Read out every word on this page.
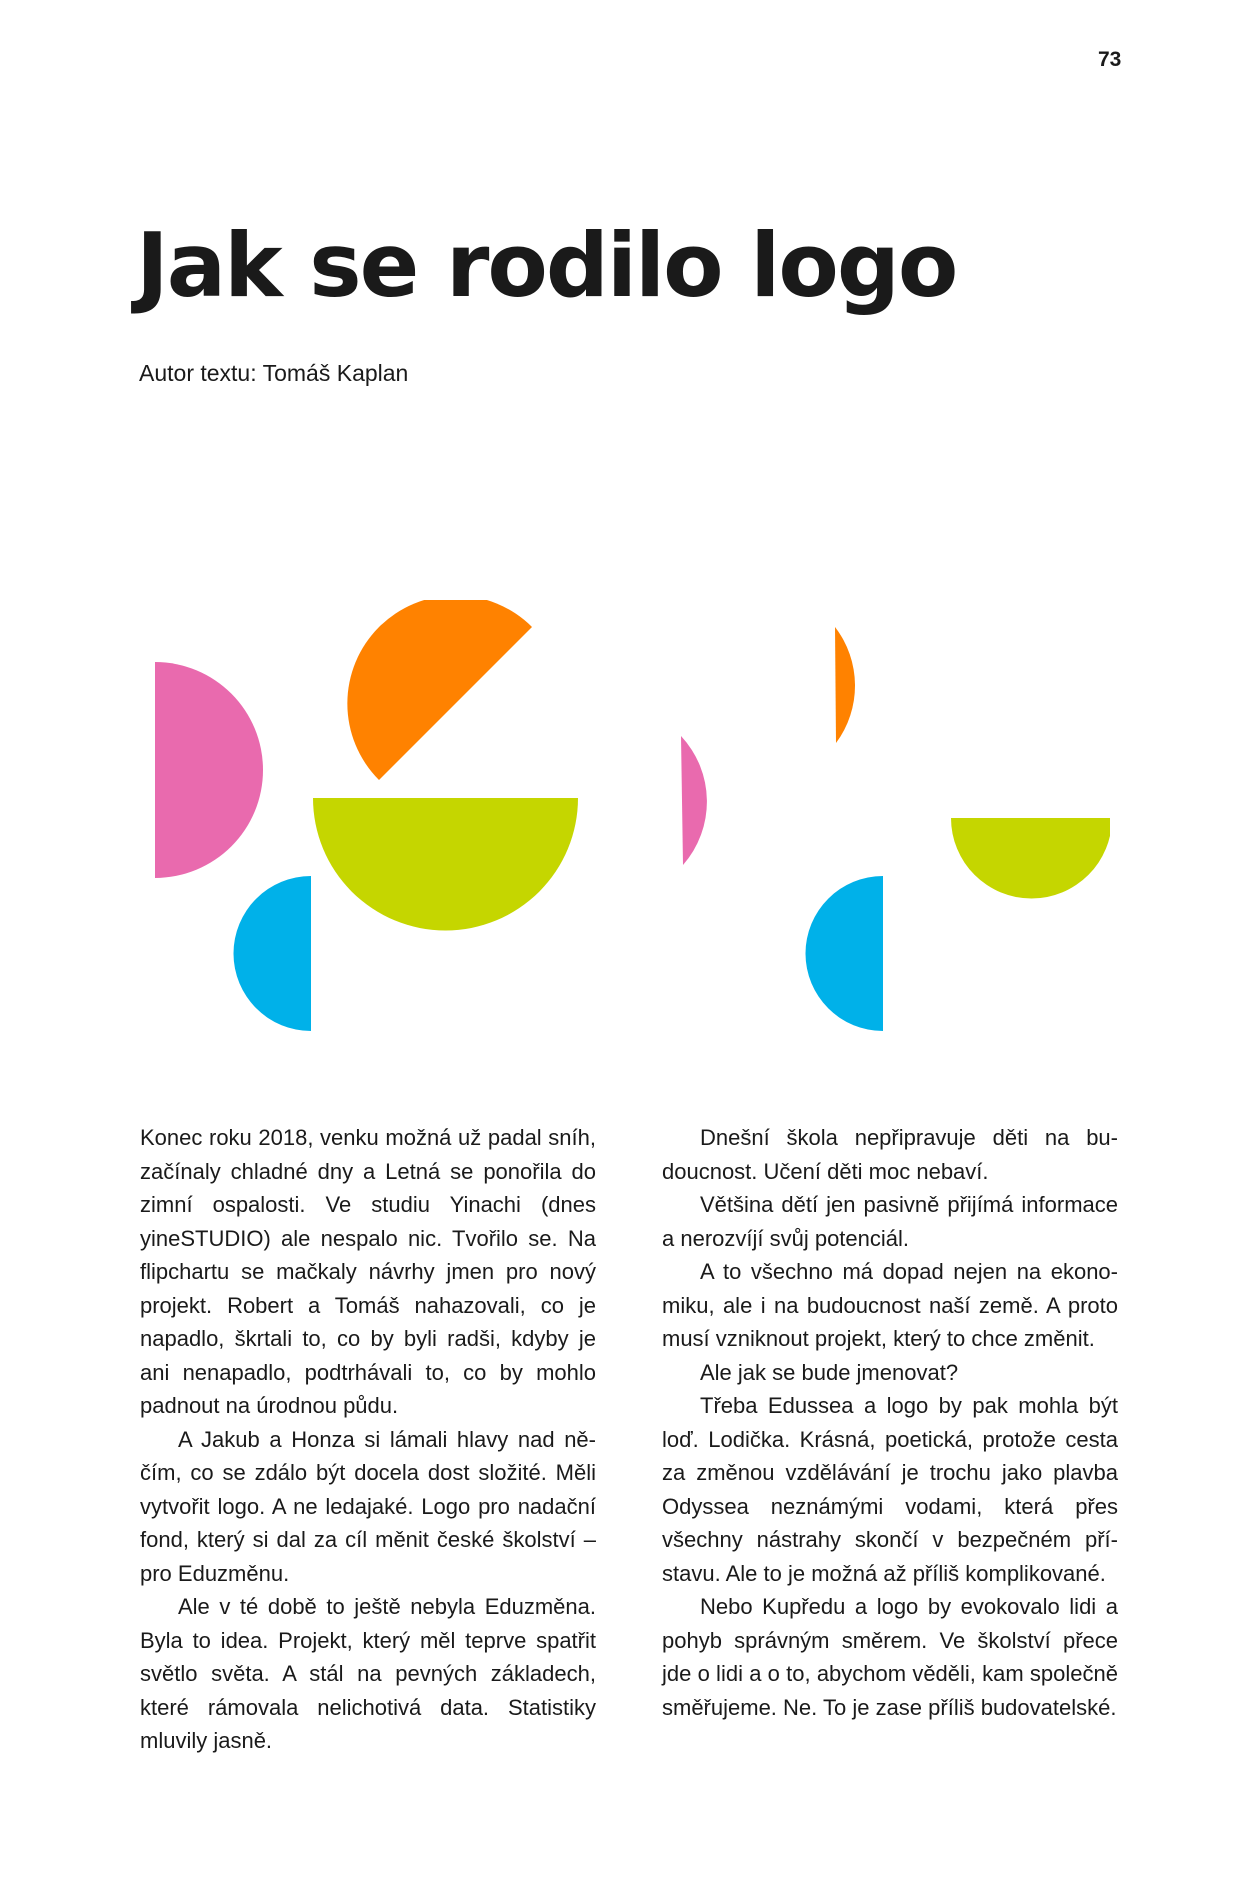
73
Jak se rodilo logo
Autor textu: Tomáš Kaplan

Konec roku 2018, venku možná už padal sníh, začínaly chladné dny a Letná se ponořila do zimní ospalosti. Ve studiu Yinachi (dnes yineSTUDIO) ale nespalo nic. Tvořilo se. Na flipchartu se mačkaly návrhy jmen pro nový projekt. Robert a Tomáš nahazovali, co je napadlo, škrtali to, co by byli radši, kdyby je ani nenapadlo, podtrhávali to, co by mohlo padnout na úrodnou půdu.

A Jakub a Honza si lámali hlavy nad něčím, co se zdálo být docela dost složité. Měli vytvořit logo. A ne ledajaké. Logo pro nadační fond, který si dal za cíl měnit české školství – pro Eduzměnu.

Ale v té době to ještě nebyla Eduzměna. Byla to idea. Projekt, který měl teprve spatřit světlo světa. A stál na pevných základech, které rámovala nelichotivá data. Statistiky mluvily jasně.

Dnešní škola nepřipravuje děti na budoucnost. Učení děti moc nebaví.

Většina dětí jen pasivně přijímá informace a nerozvíjí svůj potenciál.

A to všechno má dopad nejen na ekonomiku, ale i na budoucnost naší země. A proto musí vzniknout projekt, který to chce změnit.

Ale jak se bude jmenovat?

Třeba Edussea a logo by pak mohla být loď. Lodička. Krásná, poetická, protože cesta za změnou vzdělávání je trochu jako plavba Odyssea neznámými vodami, která přes všechny nástrahy skončí v bezpečném přístavu. Ale to je možná až příliš komplikované.

Nebo Kupředu a logo by evokovalo lidi a pohyb správným směrem. Ve školství přece jde o lidi a o to, abychom věděli, kam společně směřujeme. Ne. To je zase příliš budovatelské.
